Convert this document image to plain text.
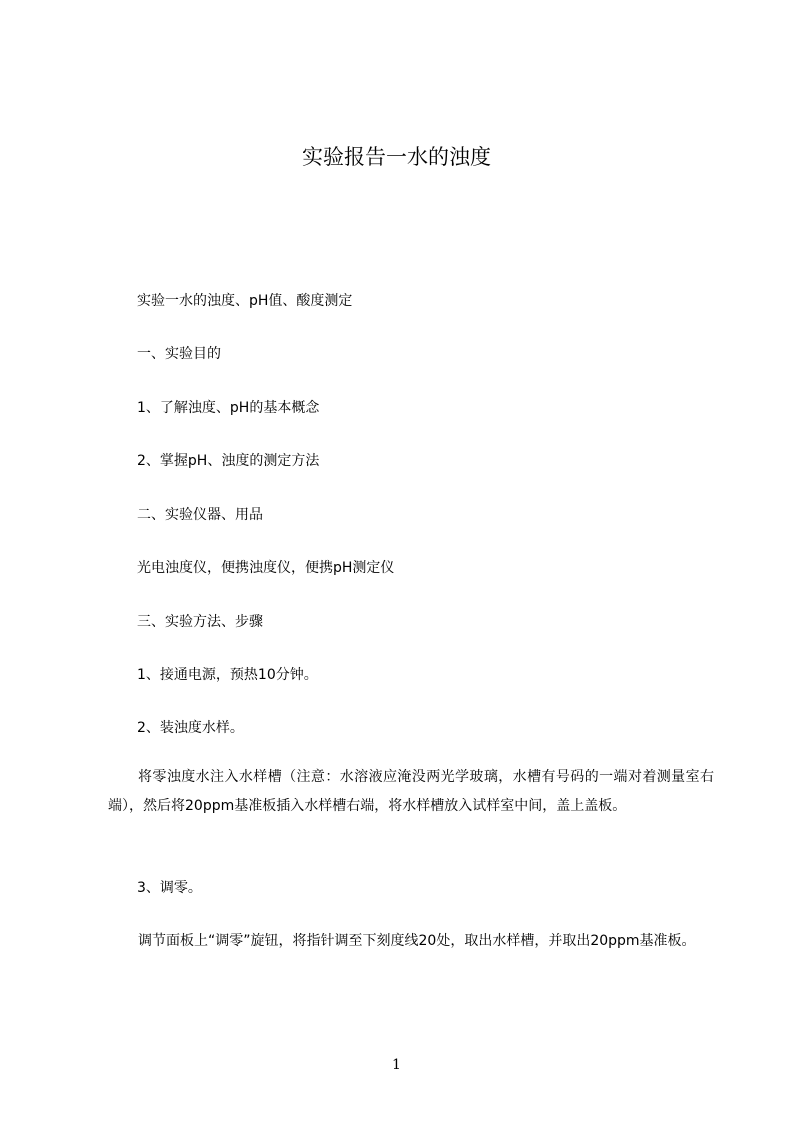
实验报告一水的浊度

实验一水的浊度、pH值、酸度测定

一、实验目的

1、了解浊度、pH的基本概念

2、掌握pH、浊度的测定方法

二、实验仪器、用品

光电浊度仪，便携浊度仪，便携pH测定仪

三、实验方法、步骤

1、接通电源，预热10分钟。

2、装浊度水样。

将零浊度水注入水样槽（注意：水溶液应淹没两光学玻璃，水槽有号码的一端对着测量室右端），然后将20ppm基准板插入水样槽右端，将水样槽放入试样室中间，盖上盖板。

3、调零。

调节面板上“调零”旋钮，将指针调至下刻度线20处，取出水样槽，并取出20ppm基准板。

1
